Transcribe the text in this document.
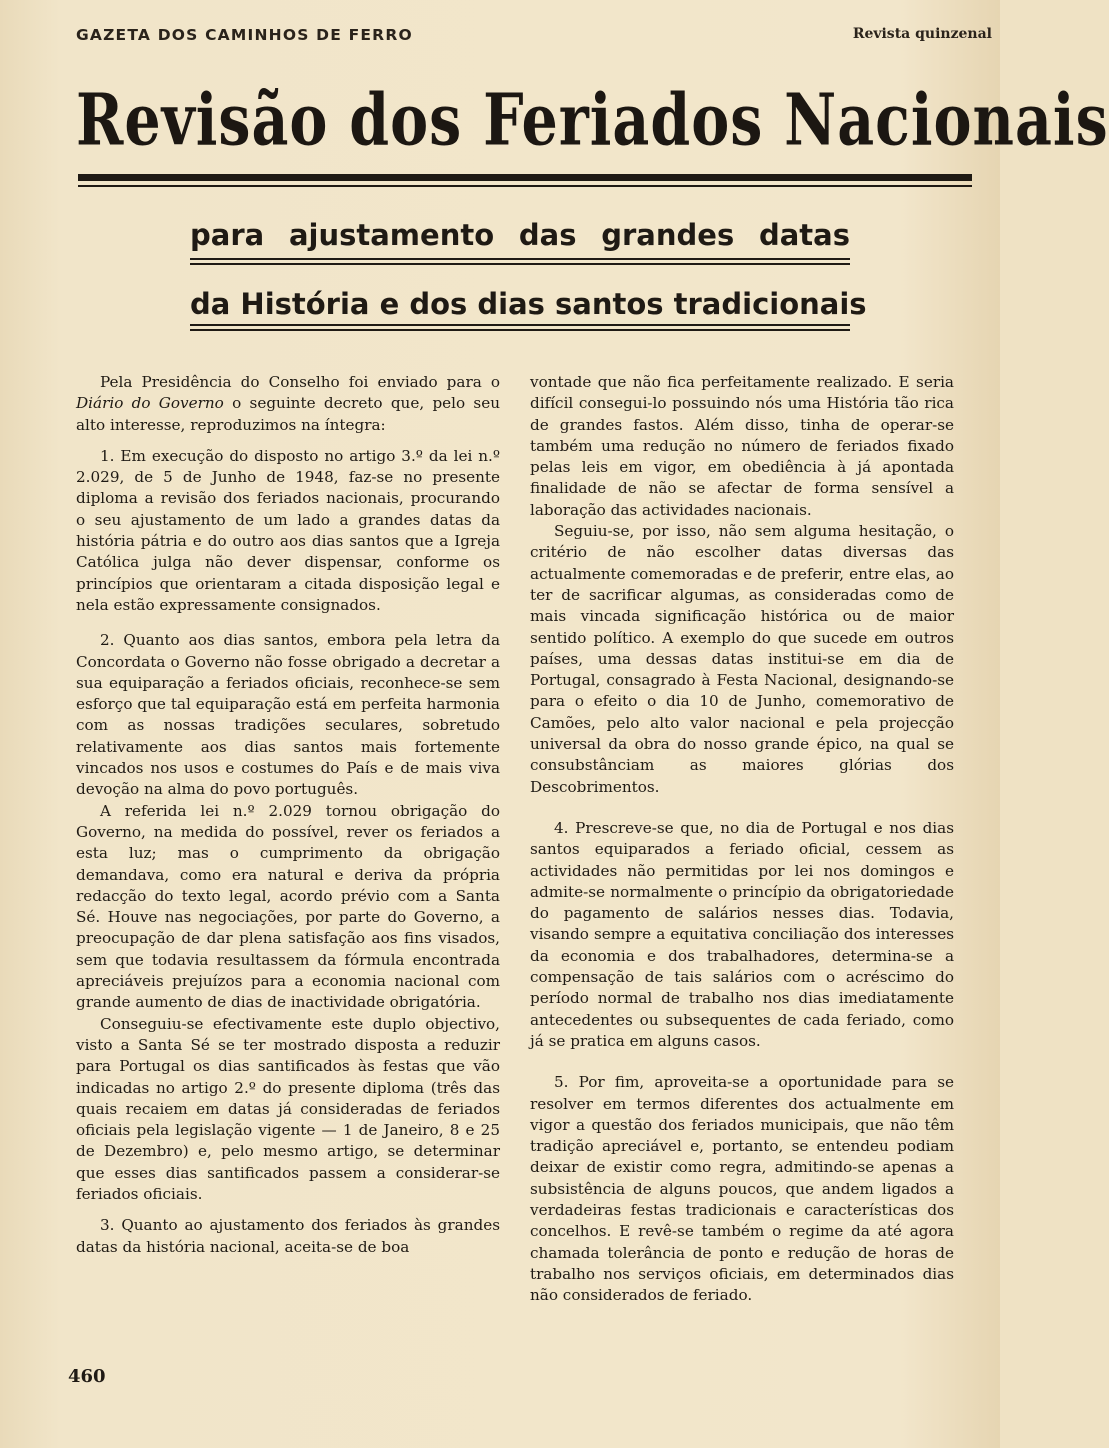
GAZETA DOS CAMINHOS DE FERRO	Revista quinzenal
Revisão dos Feriados Nacionais
para ajustamento das grandes datas
da História e dos dias santos tradicionais

Pela Presidência do Conselho foi enviado para o Diário do Governo o seguinte decreto que, pelo seu alto interesse, reproduzimos na íntegra:

1. Em execução do disposto no artigo 3.º da lei n.º 2.029, de 5 de Junho de 1948, faz-se no presente diploma a revisão dos feriados nacionais, procurando o seu ajustamento de um lado a grandes datas da história pátria e do outro aos dias santos que a Igreja Católica julga não dever dispensar, conforme os princípios que orientaram a citada disposição legal e nela estão expressamente consignados.

2. Quanto aos dias santos, embora pela letra da Concordata o Governo não fosse obrigado a decretar a sua equiparação a feriados oficiais, reconhece-se sem esforço que tal equiparação está em perfeita harmonia com as nossas tradições seculares, sobretudo relativamente aos dias santos mais fortemente vincados nos usos e costumes do País e de mais viva devoção na alma do povo português.

A referida lei n.º 2.029 tornou obrigação do Governo, na medida do possível, rever os feriados a esta luz; mas o cumprimento da obrigação demandava, como era natural e deriva da própria redacção do texto legal, acordo prévio com a Santa Sé. Houve nas negociações, por parte do Governo, a preocupação de dar plena satisfação aos fins visados, sem que todavia resultassem da fórmula encontrada apreciáveis prejuízos para a economia nacional com grande aumento de dias de inactividade obrigatória.

Conseguiu-se efectivamente este duplo objectivo, visto a Santa Sé se ter mostrado disposta a reduzir para Portugal os dias santificados às festas que vão indicadas no artigo 2.º do presente diploma (três das quais recaiem em datas já consideradas de feriados oficiais pela legislação vigente — 1 de Janeiro, 8 e 25 de Dezembro) e, pelo mesmo artigo, se determinar que esses dias santificados passem a considerar-se feriados oficiais.

3. Quanto ao ajustamento dos feriados às grandes datas da história nacional, aceita-se de boa

vontade que não fica perfeitamente realizado. E seria difícil consegui-lo possuindo nós uma História tão rica de grandes fastos. Além disso, tinha de operar-se também uma redução no número de feriados fixado pelas leis em vigor, em obediência à já apontada finalidade de não se afectar de forma sensível a laboração das actividades nacionais.

Seguiu-se, por isso, não sem alguma hesitação, o critério de não escolher datas diversas das actualmente comemoradas e de preferir, entre elas, ao ter de sacrificar algumas, as consideradas como de mais vincada significação histórica ou de maior sentido político. A exemplo do que sucede em outros países, uma dessas datas institui-se em dia de Portugal, consagrado à Festa Nacional, designando-se para o efeito o dia 10 de Junho, comemorativo de Camões, pelo alto valor nacional e pela projecção universal da obra do nosso grande épico, na qual se consubstânciam as maiores glórias dos Descobrimentos.

4. Prescreve-se que, no dia de Portugal e nos dias santos equiparados a feriado oficial, cessem as actividades não permitidas por lei nos domingos e admite-se normalmente o princípio da obrigatoriedade do pagamento de salários nesses dias. Todavia, visando sempre a equitativa conciliação dos interesses da economia e dos trabalhadores, determina-se a compensação de tais salários com o acréscimo do período normal de trabalho nos dias imediatamente antecedentes ou subsequentes de cada feriado, como já se pratica em alguns casos.

5. Por fim, aproveita-se a oportunidade para se resolver em termos diferentes dos actualmente em vigor a questão dos feriados municipais, que não têm tradição apreciável e, portanto, se entendeu podiam deixar de existir como regra, admitindo-se apenas a subsistência de alguns poucos, que andem ligados a verdadeiras festas tradicionais e características dos concelhos. E revê-se também o regime da até agora chamada tolerância de ponto e redução de horas de trabalho nos serviços oficiais, em determinados dias não considerados de feriado.

460
